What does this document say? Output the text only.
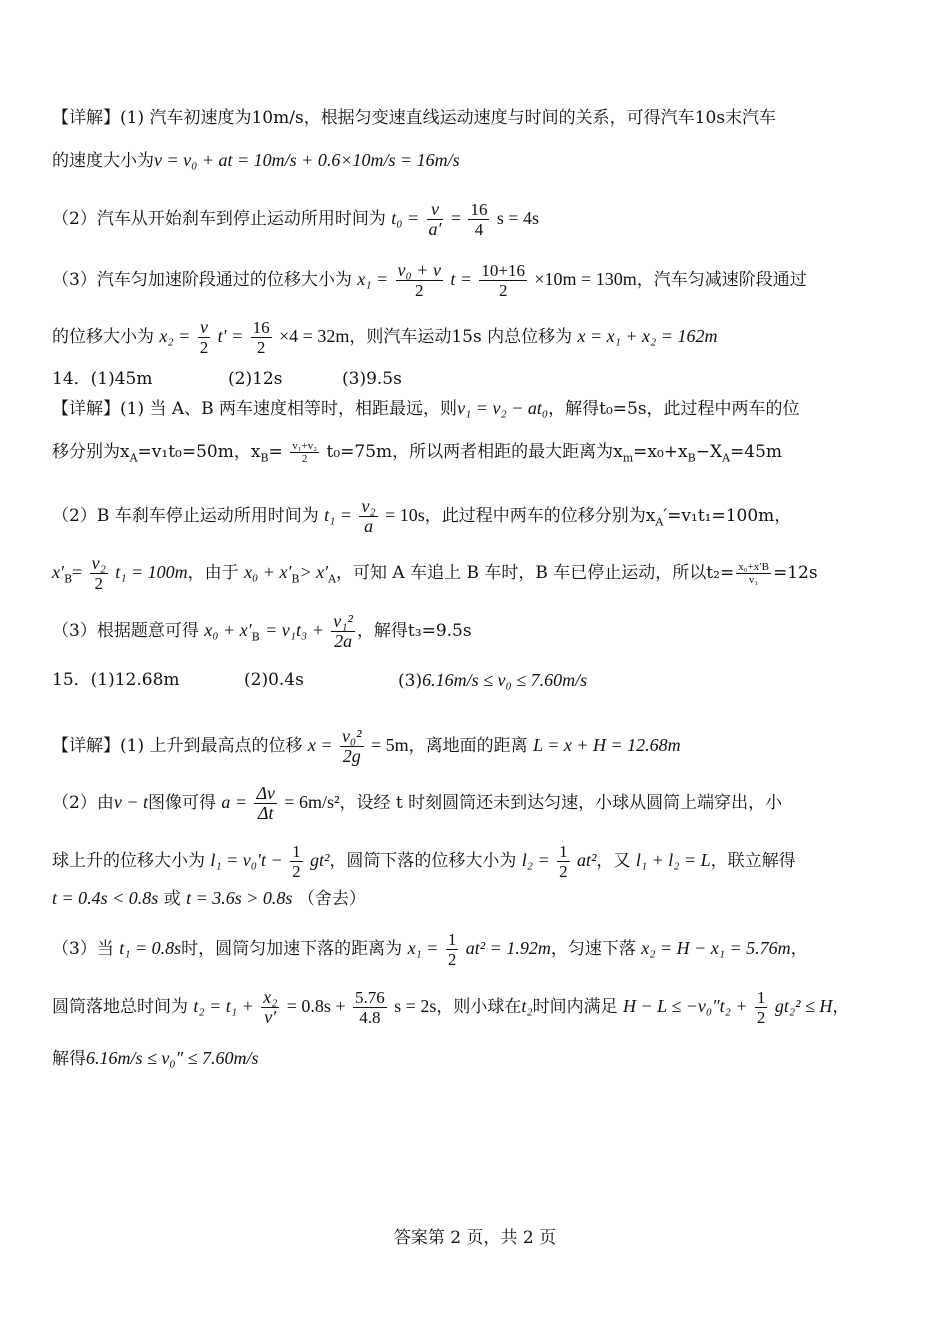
【详解】(1) 汽车初速度为10m/s，根据匀变速直线运动速度与时间的关系，可得汽车10s末汽车
的速度大小为v = v₀ + at = 10m/s + 0.6×10m/s = 16m/s
（2）汽车从开始刹车到停止运动所用时间为 $t_0 = \frac{v}{a'} = \frac{16}{4}$ s = 4s
（3）汽车匀加速阶段通过的位移大小为 $x_1 = \frac{\text{v₀ + v}}{2}$ $t = \frac{10+16}{2} \times 10m = 130m$，汽车匀减速阶段通过
的位移大小为 $x_2 = \frac{v}{2} t' = \frac{16}{2} \times 4 = 32m$，则汽车运动15s 内总位移为 x = x₁ + x₂ = 162m
14．(1)45m	(2)12s	(3)9.5s
【详解】(1) 当 A、B 两车速度相等时，相距最远，则v₁ = v₂ − at₀，解得t₀=5s，此过程中两车的位
移分别为$x_A=v_1t_0=50m$，$x_B= \frac{\text{v₁+v₂}}{2} t_0=75m$，所以两者相距的最大距离为$x_m=x_0+x_B-X_A=45m$
（2）B 车刹车停止运动所用时间为 $t_1 = \frac{\text{v₂}}{a} = 10s$，此过程中两车的位移分别为$x_A'=v_1t_1=100m$，
$x'_B= \frac{\text{v₂}}{2} t_1 = 100m$，由于 $x_0 + x'_B> x'_A$，可知 A 车追上 B 车时，B 车已停止运动，所以$t_2= \frac{\text{x₀+x′B}}{\text{v₁}} =12s$
（3）根据题意可得 $x_0 + x'_B = v_1t_3 + \frac{\text{v₁²}}{2a}$ ，解得t₃=9.5s
15．(1)12.68m	(2)0.4s	(3)6.16m/s ≤ v₀ ≤ 7.60m/s
【详解】(1) 上升到最高点的位移 $x = \frac{\text{v₀²}}{2g} = 5m$，离地面的距离 L = x + H = 12.68m
（2）由v − t图像可得 $a = \frac{\Delta v}{\Delta t} = 6m/s^2$，设经 t 时刻圆筒还未到达匀速，小球从圆筒上端穿出，小
球上升的位移大小为 $l_1 = v_0't - \frac{1}{2} gt^2$，圆筒下落的位移大小为 $l_2 = \frac{1}{2} at^2$，又 l₁ + l₂ = L，联立解得
t = 0.4s < 0.8s 或 t = 3.6s > 0.8s （舍去）
（3）当 t₁ = 0.8s时，圆筒匀加速下落的距离为 $x_1 = \frac{1}{2} at^2 = 1.92m$，匀速下落 x₂ = H − x₁ = 5.76m，
圆筒落地总时间为 $t_2 = t_1 + \frac{\text{x₂}}{v'} = 0.8s + \frac{5.76}{4.8}$ s = 2s，则小球在t₂时间内满足 $H - L \le -v_0''t_2 + \frac{1}{2} gt_2^2 \le H$，
解得6.16m/s ≤ v₀″ ≤ 7.60m/s
答案第 2 页，共 2 页
